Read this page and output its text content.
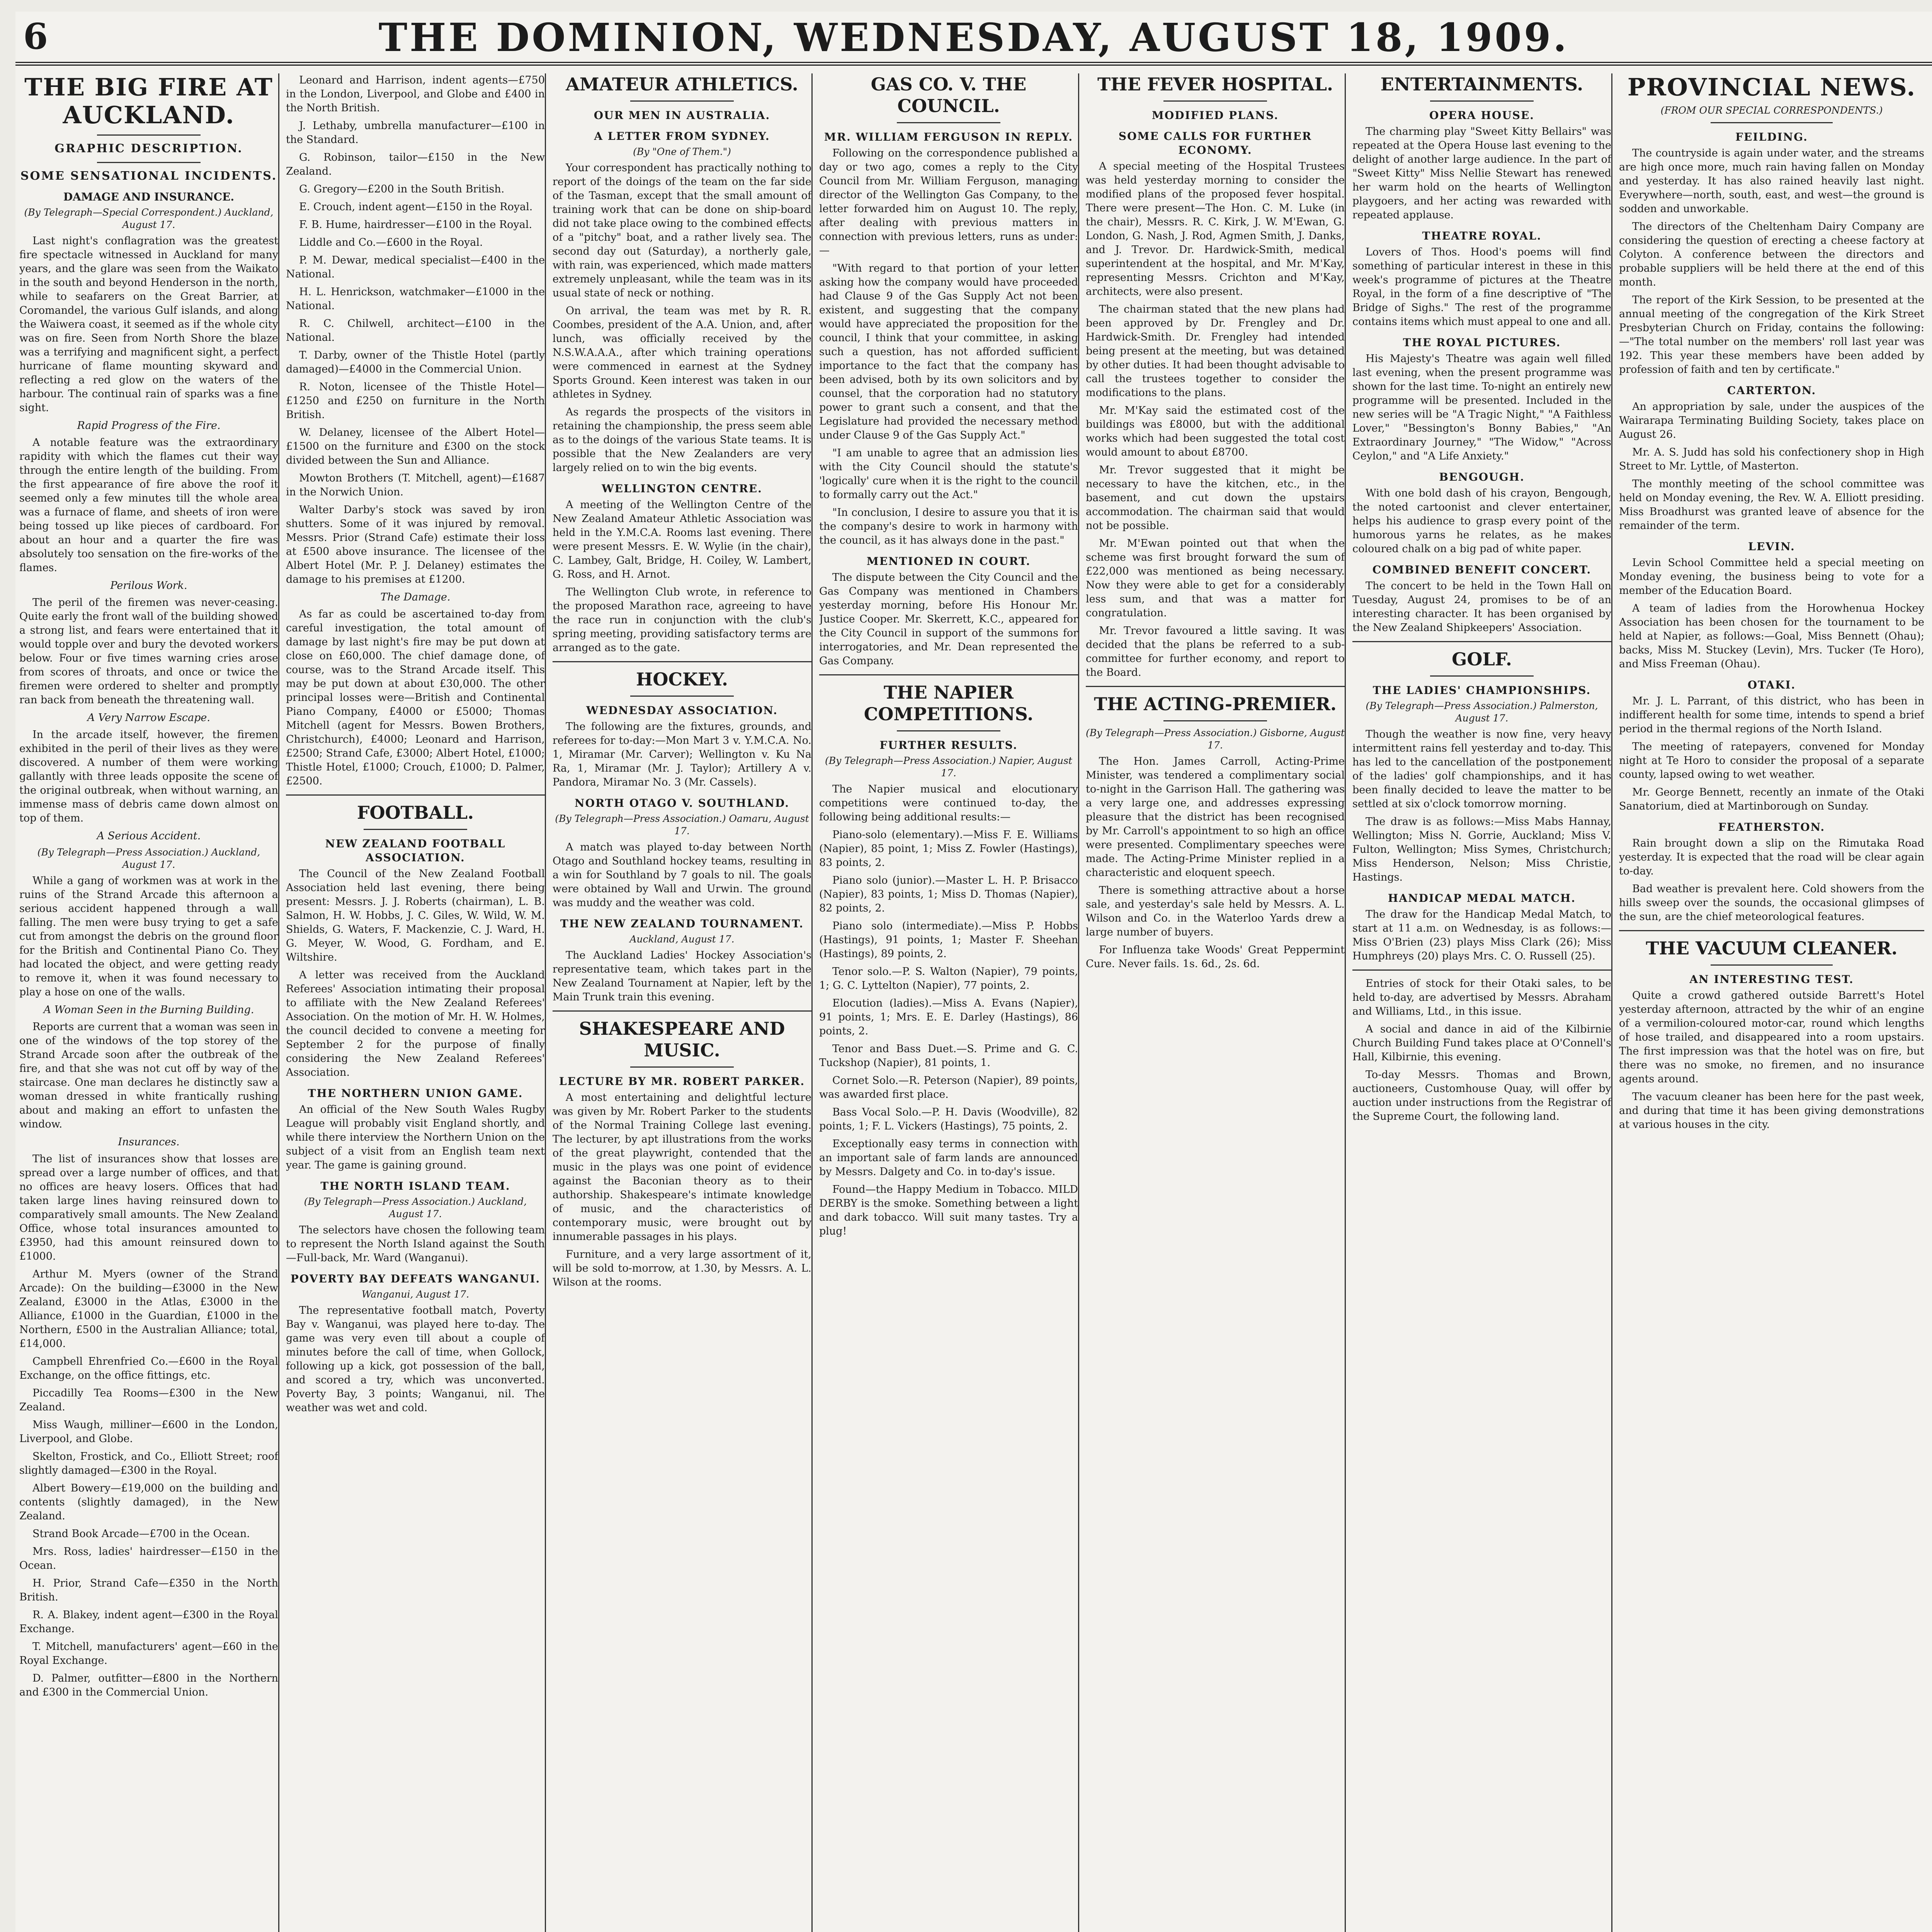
6	THE DOMINION, WEDNESDAY, AUGUST 18, 1909.
THE BIG FIRE AT AUCKLAND.
GRAPHIC DESCRIPTION.
SOME SENSATIONAL INCIDENTS.
DAMAGE AND INSURANCE.
(By Telegraph—Special Correspondent.) Auckland, August 17.

Last night's conflagration was the greatest fire spectacle witnessed in Auckland for many years, and the glare was seen from the Waikato in the south and beyond Henderson in the north, while to seafarers on the Great Barrier, at Coromandel, the various Gulf islands, and along the Waiwera coast, it seemed as if the whole city was on fire. Seen from North Shore the blaze was a terrifying and magnificent sight, a perfect hurricane of flame mounting skyward and reflecting a red glow on the waters of the harbour. The continual rain of sparks was a fine sight.

Rapid Progress of the Fire.

A notable feature was the extraordinary rapidity with which the flames cut their way through the entire length of the building. From the first appearance of fire above the roof it seemed only a few minutes till the whole area was a furnace of flame, and sheets of iron were being tossed up like pieces of cardboard. For about an hour and a quarter the fire was absolutely too sensation on the fire-works of the flames.

Perilous Work.

The peril of the firemen was never-ceasing. Quite early the front wall of the building showed a strong list, and fears were entertained that it would topple over and bury the devoted workers below. Four or five times warning cries arose from scores of throats, and once or twice the firemen were ordered to shelter and promptly ran back from beneath the threatening wall.

A Very Narrow Escape.

In the arcade itself, however, the firemen exhibited in the peril of their lives as they were discovered. A number of them were working gallantly with three leads opposite the scene of the original outbreak, when without warning, an immense mass of debris came down almost on top of them.

A Serious Accident.
(By Telegraph—Press Association.) Auckland, August 17.

While a gang of workmen was at work in the ruins of the Strand Arcade this afternoon a serious accident happened through a wall falling. The men were busy trying to get a safe cut from amongst the debris on the ground floor for the British and Continental Piano Co. They had located the object, and were getting ready to remove it, when it was found necessary to play a hose on one of the walls.

A Woman Seen in the Burning Building.

Reports are current that a woman was seen in one of the windows of the top storey of the Strand Arcade soon after the outbreak of the fire, and that she was not cut off by way of the staircase. One man declares he distinctly saw a woman dressed in white frantically rushing about and making an effort to unfasten the window.

Insurances.

The list of insurances show that losses are spread over a large number of offices, and that no offices are heavy losers. Offices that had taken large lines having reinsured down to comparatively small amounts. The New Zealand Office, whose total insurances amounted to £3950, had this amount reinsured down to £1000.

Arthur M. Myers (owner of the Strand Arcade): On the building—£3000 in the New Zealand, £3000 in the Atlas, £3000 in the Alliance, £1000 in the Guardian, £1000 in the Northern, £500 in the Australian Alliance; total, £14,000.

Campbell Ehrenfried Co.—£600 in the Royal Exchange, on the office fittings, etc.

Piccadilly Tea Rooms—£300 in the New Zealand.

Miss Waugh, milliner—£600 in the London, Liverpool, and Globe.

Skelton, Frostick, and Co., Elliott Street; roof slightly damaged—£300 in the Royal.

Albert Bowery—£19,000 on the building and contents (slightly damaged), in the New Zealand.

Strand Book Arcade—£700 in the Ocean.

Mrs. Ross, ladies' hairdresser—£150 in the Ocean.

H. Prior, Strand Cafe—£350 in the North British.

R. A. Blakey, indent agent—£300 in the Royal Exchange.

T. Mitchell, manufacturers' agent—£60 in the Royal Exchange.

D. Palmer, outfitter—£800 in the Northern and £300 in the Commercial Union.

Leonard and Harrison, indent agents—£750 in the London, Liverpool, and Globe and £400 in the North British.

J. Lethaby, umbrella manufacturer—£100 in the Standard.

G. Robinson, tailor—£150 in the New Zealand.

G. Gregory—£200 in the South British.

E. Crouch, indent agent—£150 in the Royal.

F. B. Hume, hairdresser—£100 in the Royal.

Liddle and Co.—£600 in the Royal.

P. M. Dewar, medical specialist—£400 in the National.

H. L. Henrickson, watchmaker—£1000 in the National.

R. C. Chilwell, architect—£100 in the National.

T. Darby, owner of the Thistle Hotel (partly damaged)—£4000 in the Commercial Union.

R. Noton, licensee of the Thistle Hotel—£1250 and £250 on furniture in the North British.

W. Delaney, licensee of the Albert Hotel—£1500 on the furniture and £300 on the stock divided between the Sun and Alliance.

Mowton Brothers (T. Mitchell, agent)—£1687 in the Norwich Union.

Walter Darby's stock was saved by iron shutters. Some of it was injured by removal. Messrs. Prior (Strand Cafe) estimate their loss at £500 above insurance. The licensee of the Albert Hotel (Mr. P. J. Delaney) estimates the damage to his premises at £1200.

The Damage.

As far as could be ascertained to-day from careful investigation, the total amount of damage by last night's fire may be put down at close on £60,000. The chief damage done, of course, was to the Strand Arcade itself. This may be put down at about £30,000. The other principal losses were—British and Continental Piano Company, £4000 or £5000; Thomas Mitchell (agent for Messrs. Bowen Brothers, Christchurch), £4000; Leonard and Harrison, £2500; Strand Cafe, £3000; Albert Hotel, £1000; Thistle Hotel, £1000; Crouch, £1000; D. Palmer, £2500.

FOOTBALL.
NEW ZEALAND FOOTBALL ASSOCIATION.

The Council of the New Zealand Football Association held last evening, there being present: Messrs. J. J. Roberts (chairman), L. B. Salmon, H. W. Hobbs, J. C. Giles, W. Wild, W. M. Shields, G. Waters, F. Mackenzie, C. J. Ward, H. G. Meyer, W. Wood, G. Fordham, and E. Wiltshire.

A letter was received from the Auckland Referees' Association intimating their proposal to affiliate with the New Zealand Referees' Association. On the motion of Mr. H. W. Holmes, the council decided to convene a meeting for September 2 for the purpose of finally considering the New Zealand Referees' Association.

THE NORTHERN UNION GAME.

An official of the New South Wales Rugby League will probably visit England shortly, and while there interview the Northern Union on the subject of a visit from an English team next year. The game is gaining ground.

THE NORTH ISLAND TEAM.
(By Telegraph—Press Association.) Auckland, August 17.

The selectors have chosen the following team to represent the North Island against the South—Full-back, Mr. Ward (Wanganui).

POVERTY BAY DEFEATS WANGANUI.
Wanganui, August 17.

The representative football match, Poverty Bay v. Wanganui, was played here to-day. The game was very even till about a couple of minutes before the call of time, when Gollock, following up a kick, got possession of the ball, and scored a try, which was unconverted. Poverty Bay, 3 points; Wanganui, nil. The weather was wet and cold.

AMATEUR ATHLETICS.
OUR MEN IN AUSTRALIA.
A LETTER FROM SYDNEY.
(By "One of Them.")

Your correspondent has practically nothing to report of the doings of the team on the far side of the Tasman, except that the small amount of training work that can be done on ship-board did not take place owing to the combined effects of a "pitchy" boat, and a rather lively sea. The second day out (Saturday), a northerly gale, with rain, was experienced, which made matters extremely unpleasant, while the team was in its usual state of neck or nothing.

On arrival, the team was met by R. R. Coombes, president of the A.A. Union, and, after lunch, was officially received by the N.S.W.A.A.A., after which training operations were commenced in earnest at the Sydney Sports Ground. Keen interest was taken in our athletes in Sydney.

As regards the prospects of the visitors in retaining the championship, the press seem able as to the doings of the various State teams. It is possible that the New Zealanders are very largely relied on to win the big events.

WELLINGTON CENTRE.

A meeting of the Wellington Centre of the New Zealand Amateur Athletic Association was held in the Y.M.C.A. Rooms last evening. There were present Messrs. E. W. Wylie (in the chair), C. Lambey, Galt, Bridge, H. Coiley, W. Lambert, G. Ross, and H. Arnot.

The Wellington Club wrote, in reference to the proposed Marathon race, agreeing to have the race run in conjunction with the club's spring meeting, providing satisfactory terms are arranged as to the gate.

HOCKEY.
WEDNESDAY ASSOCIATION.

The following are the fixtures, grounds, and referees for to-day:—Mon Mart 3 v. Y.M.C.A. No. 1, Miramar (Mr. Carver); Wellington v. Ku Na Ra, 1, Miramar (Mr. J. Taylor); Artillery A v. Pandora, Miramar No. 3 (Mr. Cassels).

NORTH OTAGO V. SOUTHLAND.
(By Telegraph—Press Association.) Oamaru, August 17.

A match was played to-day between North Otago and Southland hockey teams, resulting in a win for Southland by 7 goals to nil. The goals were obtained by Wall and Urwin. The ground was muddy and the weather was cold.

THE NEW ZEALAND TOURNAMENT.
Auckland, August 17.

The Auckland Ladies' Hockey Association's representative team, which takes part in the New Zealand Tournament at Napier, left by the Main Trunk train this evening.

SHAKESPEARE AND MUSIC.
LECTURE BY MR. ROBERT PARKER.

A most entertaining and delightful lecture was given by Mr. Robert Parker to the students of the Normal Training College last evening. The lecturer, by apt illustrations from the works of the great playwright, contended that the music in the plays was one point of evidence against the Baconian theory as to their authorship. Shakespeare's intimate knowledge of music, and the characteristics of contemporary music, were brought out by innumerable passages in his plays.

Furniture, and a very large assortment of it, will be sold to-morrow, at 1.30, by Messrs. A. L. Wilson at the rooms.

GAS CO. V. THE COUNCIL.
MR. WILLIAM FERGUSON IN REPLY.

Following on the correspondence published a day or two ago, comes a reply to the City Council from Mr. William Ferguson, managing director of the Wellington Gas Company, to the letter forwarded him on August 10. The reply, after dealing with previous matters in connection with previous letters, runs as under:—

"With regard to that portion of your letter asking how the company would have proceeded had Clause 9 of the Gas Supply Act not been existent, and suggesting that the company would have appreciated the proposition for the council, I think that your committee, in asking such a question, has not afforded sufficient importance to the fact that the company has been advised, both by its own solicitors and by counsel, that the corporation had no statutory power to grant such a consent, and that the Legislature had provided the necessary method under Clause 9 of the Gas Supply Act."

"I am unable to agree that an admission lies with the City Council should the statute's 'logically' cure when it is the right to the council to formally carry out the Act."

"In conclusion, I desire to assure you that it is the company's desire to work in harmony with the council, as it has always done in the past."

MENTIONED IN COURT.

The dispute between the City Council and the Gas Company was mentioned in Chambers yesterday morning, before His Honour Mr. Justice Cooper. Mr. Skerrett, K.C., appeared for the City Council in support of the summons for interrogatories, and Mr. Dean represented the Gas Company.

THE NAPIER COMPETITIONS.
FURTHER RESULTS.
(By Telegraph—Press Association.) Napier, August 17.

The Napier musical and elocutionary competitions were continued to-day, the following being additional results:—

Piano-solo (elementary).—Miss F. E. Williams (Napier), 85 point, 1; Miss Z. Fowler (Hastings), 83 points, 2.

Piano solo (junior).—Master L. H. P. Brisacco (Napier), 83 points, 1; Miss D. Thomas (Napier), 82 points, 2.

Piano solo (intermediate).—Miss P. Hobbs (Hastings), 91 points, 1; Master F. Sheehan (Hastings), 89 points, 2.

Tenor solo.—P. S. Walton (Napier), 79 points, 1; G. C. Lyttelton (Napier), 77 points, 2.

Elocution (ladies).—Miss A. Evans (Napier), 91 points, 1; Mrs. E. E. Darley (Hastings), 86 points, 2.

Tenor and Bass Duet.—S. Prime and G. C. Tuckshop (Napier), 81 points, 1.

Cornet Solo.—R. Peterson (Napier), 89 points, was awarded first place.

Bass Vocal Solo.—P. H. Davis (Woodville), 82 points, 1; F. L. Vickers (Hastings), 75 points, 2.

Exceptionally easy terms in connection with an important sale of farm lands are announced by Messrs. Dalgety and Co. in to-day's issue.

Found—the Happy Medium in Tobacco. MILD DERBY is the smoke. Something between a light and dark tobacco. Will suit many tastes. Try a plug!

THE FEVER HOSPITAL.
MODIFIED PLANS.
SOME CALLS FOR FURTHER ECONOMY.

A special meeting of the Hospital Trustees was held yesterday morning to consider the modified plans of the proposed fever hospital. There were present—The Hon. C. M. Luke (in the chair), Messrs. R. C. Kirk, J. W. M'Ewan, G. London, G. Nash, J. Rod, Agmen Smith, J. Danks, and J. Trevor. Dr. Hardwick-Smith, medical superintendent at the hospital, and Mr. M'Kay, representing Messrs. Crichton and M'Kay, architects, were also present.

The chairman stated that the new plans had been approved by Dr. Frengley and Dr. Hardwick-Smith. Dr. Frengley had intended being present at the meeting, but was detained by other duties. It had been thought advisable to call the trustees together to consider the modifications to the plans.

Mr. M'Kay said the estimated cost of the buildings was £8000, but with the additional works which had been suggested the total cost would amount to about £8700.

Mr. Trevor suggested that it might be necessary to have the kitchen, etc., in the basement, and cut down the upstairs accommodation. The chairman said that would not be possible.

Mr. M'Ewan pointed out that when the scheme was first brought forward the sum of £22,000 was mentioned as being necessary. Now they were able to get for a considerably less sum, and that was a matter for congratulation.

Mr. Trevor favoured a little saving. It was decided that the plans be referred to a sub-committee for further economy, and report to the Board.

THE ACTING-PREMIER.
(By Telegraph—Press Association.) Gisborne, August 17.

The Hon. James Carroll, Acting-Prime Minister, was tendered a complimentary social to-night in the Garrison Hall. The gathering was a very large one, and addresses expressing pleasure that the district has been recognised by Mr. Carroll's appointment to so high an office were presented. Complimentary speeches were made. The Acting-Prime Minister replied in a characteristic and eloquent speech.

There is something attractive about a horse sale, and yesterday's sale held by Messrs. A. L. Wilson and Co. in the Waterloo Yards drew a large number of buyers.

For Influenza take Woods' Great Peppermint Cure. Never fails. 1s. 6d., 2s. 6d.

ENTERTAINMENTS.
OPERA HOUSE.

The charming play "Sweet Kitty Bellairs" was repeated at the Opera House last evening to the delight of another large audience. In the part of "Sweet Kitty" Miss Nellie Stewart has renewed her warm hold on the hearts of Wellington playgoers, and her acting was rewarded with repeated applause.

THEATRE ROYAL.

Lovers of Thos. Hood's poems will find something of particular interest in these in this week's programme of pictures at the Theatre Royal, in the form of a fine descriptive of "The Bridge of Sighs." The rest of the programme contains items which must appeal to one and all.

THE ROYAL PICTURES.

His Majesty's Theatre was again well filled last evening, when the present programme was shown for the last time. To-night an entirely new programme will be presented. Included in the new series will be "A Tragic Night," "A Faithless Lover," "Bessington's Bonny Babies," "An Extraordinary Journey," "The Widow," "Across Ceylon," and "A Life Anxiety."

BENGOUGH.

With one bold dash of his crayon, Bengough, the noted cartoonist and clever entertainer, helps his audience to grasp every point of the humorous yarns he relates, as he makes coloured chalk on a big pad of white paper.

COMBINED BENEFIT CONCERT.

The concert to be held in the Town Hall on Tuesday, August 24, promises to be of an interesting character. It has been organised by the New Zealand Shipkeepers' Association.

GOLF.
THE LADIES' CHAMPIONSHIPS.
(By Telegraph—Press Association.) Palmerston, August 17.

Though the weather is now fine, very heavy intermittent rains fell yesterday and to-day. This has led to the cancellation of the postponement of the ladies' golf championships, and it has been finally decided to leave the matter to be settled at six o'clock tomorrow morning.

The draw is as follows:—Miss Mabs Hannay, Wellington; Miss N. Gorrie, Auckland; Miss V. Fulton, Wellington; Miss Symes, Christchurch; Miss Henderson, Nelson; Miss Christie, Hastings.

HANDICAP MEDAL MATCH.

The draw for the Handicap Medal Match, to start at 11 a.m. on Wednesday, is as follows:—Miss O'Brien (23) plays Miss Clark (26); Miss Humphreys (20) plays Mrs. C. O. Russell (25).

Entries of stock for their Otaki sales, to be held to-day, are advertised by Messrs. Abraham and Williams, Ltd., in this issue.

A social and dance in aid of the Kilbirnie Church Building Fund takes place at O'Connell's Hall, Kilbirnie, this evening.

To-day Messrs. Thomas and Brown, auctioneers, Customhouse Quay, will offer by auction under instructions from the Registrar of the Supreme Court, the following land.

PROVINCIAL NEWS.
(FROM OUR SPECIAL CORRESPONDENTS.)
FEILDING.

The countryside is again under water, and the streams are high once more, much rain having fallen on Monday and yesterday. It has also rained heavily last night. Everywhere—north, south, east, and west—the ground is sodden and unworkable.

The directors of the Cheltenham Dairy Company are considering the question of erecting a cheese factory at Colyton. A conference between the directors and probable suppliers will be held there at the end of this month.

The report of the Kirk Session, to be presented at the annual meeting of the congregation of the Kirk Street Presbyterian Church on Friday, contains the following:—"The total number on the members' roll last year was 192. This year these members have been added by profession of faith and ten by certificate."

CARTERTON.

An appropriation by sale, under the auspices of the Wairarapa Terminating Building Society, takes place on August 26.

Mr. A. S. Judd has sold his confectionery shop in High Street to Mr. Lyttle, of Masterton.

The monthly meeting of the school committee was held on Monday evening, the Rev. W. A. Elliott presiding. Miss Broadhurst was granted leave of absence for the remainder of the term.

LEVIN.

Levin School Committee held a special meeting on Monday evening, the business being to vote for a member of the Education Board.

A team of ladies from the Horowhenua Hockey Association has been chosen for the tournament to be held at Napier, as follows:—Goal, Miss Bennett (Ohau); backs, Miss M. Stuckey (Levin), Mrs. Tucker (Te Horo), and Miss Freeman (Ohau).

OTAKI.

Mr. J. L. Parrant, of this district, who has been in indifferent health for some time, intends to spend a brief period in the thermal regions of the North Island.

The meeting of ratepayers, convened for Monday night at Te Horo to consider the proposal of a separate county, lapsed owing to wet weather.

Mr. George Bennett, recently an inmate of the Otaki Sanatorium, died at Martinborough on Sunday.

FEATHERSTON.

Rain brought down a slip on the Rimutaka Road yesterday. It is expected that the road will be clear again to-day.

Bad weather is prevalent here. Cold showers from the hills sweep over the sounds, the occasional glimpses of the sun, are the chief meteorological features.

THE VACUUM CLEANER.
AN INTERESTING TEST.

Quite a crowd gathered outside Barrett's Hotel yesterday afternoon, attracted by the whir of an engine of a vermilion-coloured motor-car, round which lengths of hose trailed, and disappeared into a room upstairs. The first impression was that the hotel was on fire, but there was no smoke, no firemen, and no insurance agents around.

The vacuum cleaner has been here for the past week, and during that time it has been giving demonstrations at various houses in the city.
